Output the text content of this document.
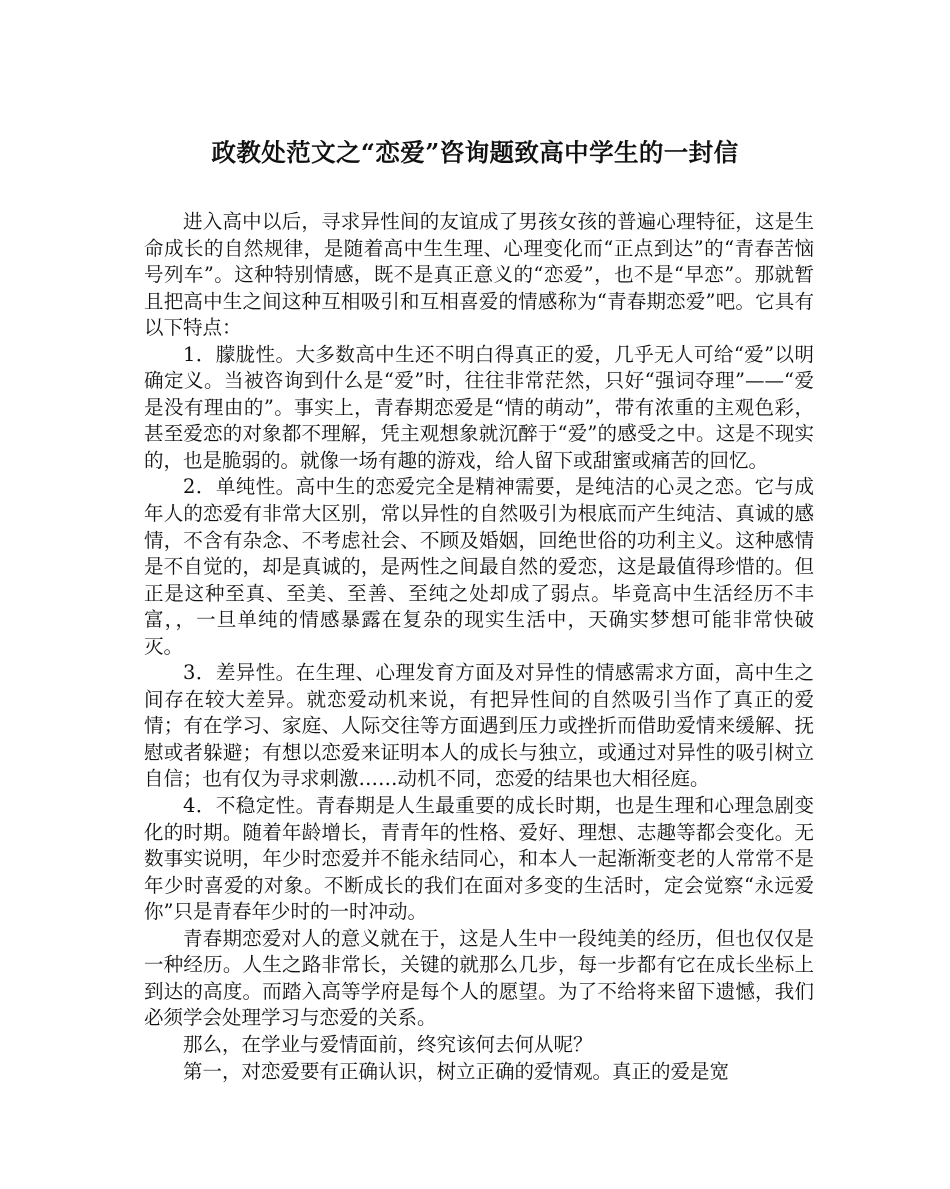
政教处范文之“恋爱”咨询题致高中学生的一封信

进入高中以后，寻求异性间的友谊成了男孩女孩的普遍心理特征，这是生命成长的自然规律，是随着高中生生理、心理变化而“正点到达”的“青春苦恼号列车”。这种特别情感，既不是真正意义的“恋爱”，也不是“早恋”。那就暂且把高中生之间这种互相吸引和互相喜爱的情感称为“青春期恋爱”吧。它具有以下特点：

1．朦胧性。大多数高中生还不明白得真正的爱，几乎无人可给“爱”以明确定义。当被咨询到什么是“爱”时，往往非常茫然，只好“强词夺理”——“爱是没有理由的”。事实上，青春期恋爱是“情的萌动”，带有浓重的主观色彩，甚至爱恋的对象都不理解，凭主观想象就沉醉于“爱”的感受之中。这是不现实的，也是脆弱的。就像一场有趣的游戏，给人留下或甜蜜或痛苦的回忆。

2．单纯性。高中生的恋爱完全是精神需要，是纯洁的心灵之恋。它与成年人的恋爱有非常大区别，常以异性的自然吸引为根底而产生纯洁、真诚的感情，不含有杂念、不考虑社会、不顾及婚姻，回绝世俗的功利主义。这种感情是不自觉的，却是真诚的，是两性之间最自然的爱恋，这是最值得珍惜的。但正是这种至真、至美、至善、至纯之处却成了弱点。毕竟高中生活经历不丰富，，一旦单纯的情感暴露在复杂的现实生活中，天确实梦想可能非常快破灭。

3．差异性。在生理、心理发育方面及对异性的情感需求方面，高中生之间存在较大差异。就恋爱动机来说，有把异性间的自然吸引当作了真正的爱情；有在学习、家庭、人际交往等方面遇到压力或挫折而借助爱情来缓解、抚慰或者躲避；有想以恋爱来证明本人的成长与独立，或通过对异性的吸引树立自信；也有仅为寻求刺激……动机不同，恋爱的结果也大相径庭。

4．不稳定性。青春期是人生最重要的成长时期，也是生理和心理急剧变化的时期。随着年龄增长，青青年的性格、爱好、理想、志趣等都会变化。无数事实说明，年少时恋爱并不能永结同心，和本人一起渐渐变老的人常常不是年少时喜爱的对象。不断成长的我们在面对多变的生活时，定会觉察“永远爱你”只是青春年少时的一时冲动。

青春期恋爱对人的意义就在于，这是人生中一段纯美的经历，但也仅仅是一种经历。人生之路非常长，关键的就那么几步，每一步都有它在成长坐标上到达的高度。而踏入高等学府是每个人的愿望。为了不给将来留下遗憾，我们必须学会处理学习与恋爱的关系。

那么，在学业与爱情面前，终究该何去何从呢？

第一，对恋爱要有正确认识，树立正确的爱情观。真正的爱是宽
